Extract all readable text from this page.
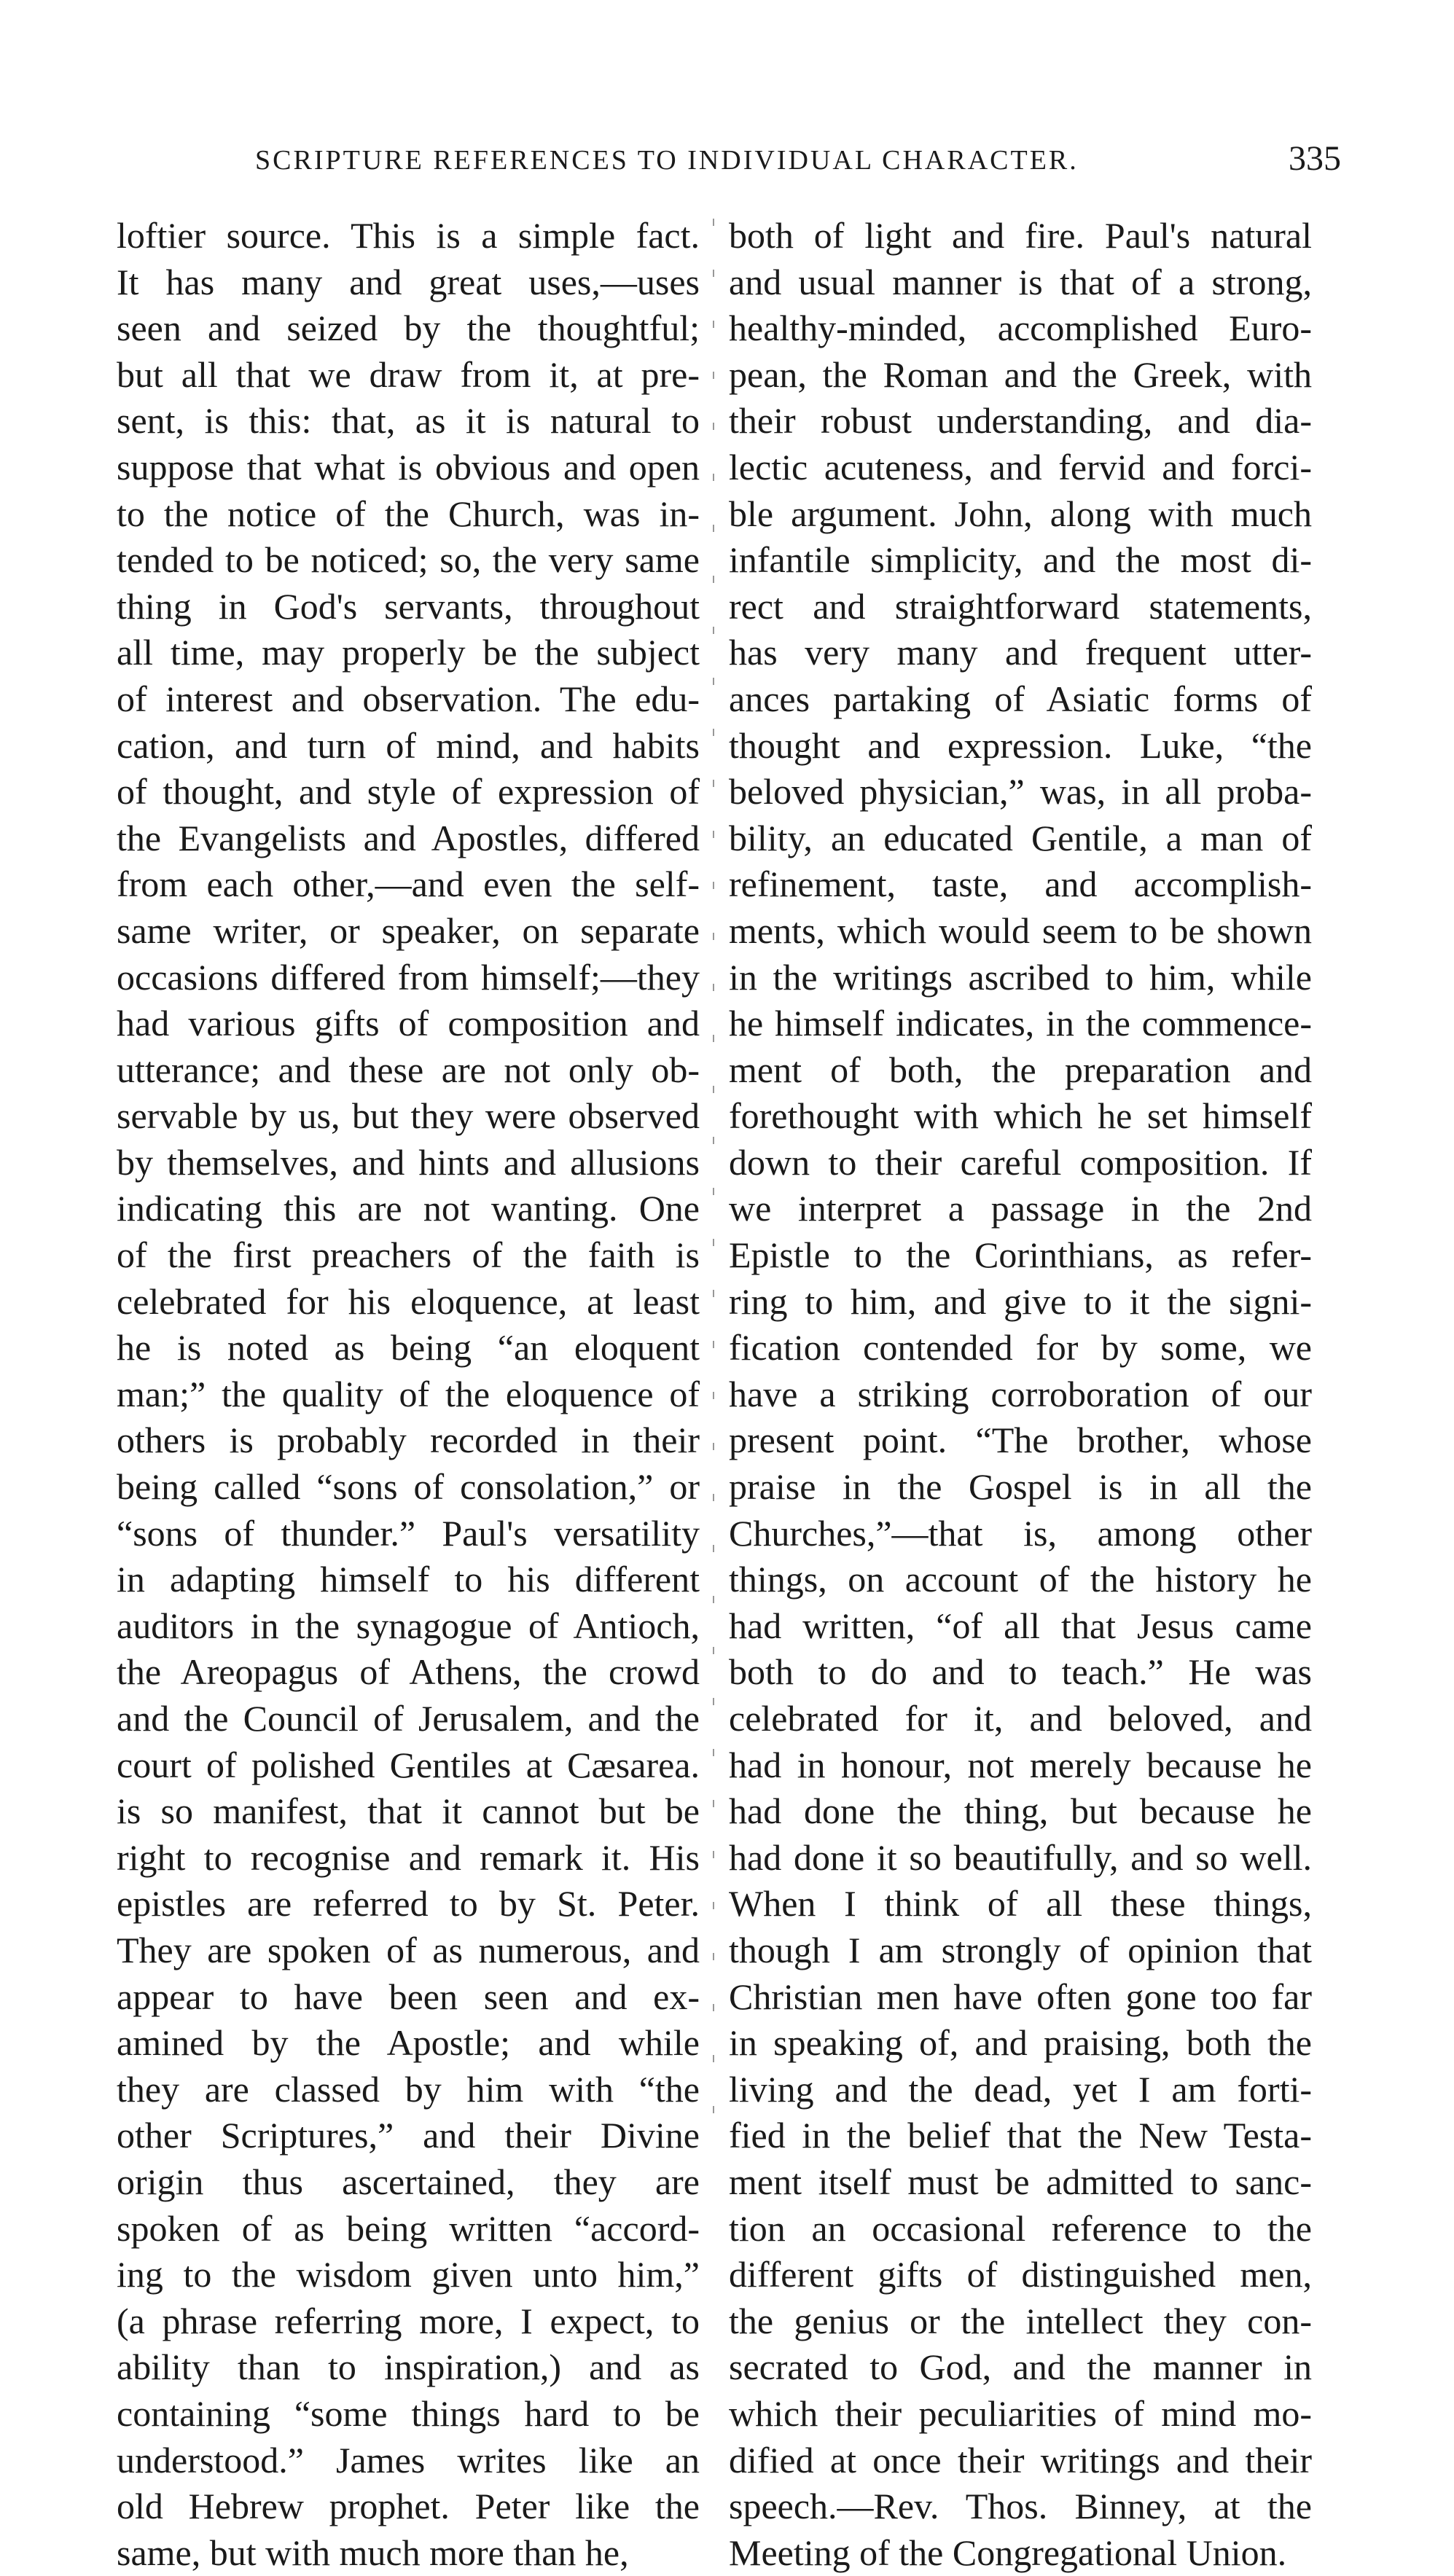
SCRIPTURE REFERENCES TO INDIVIDUAL CHARACTER.	335
loftier source. This is a simple fact.
It has many and great uses,—uses
seen and seized by the thoughtful;
but all that we draw from it, at pre-
sent, is this: that, as it is natural to
suppose that what is obvious and open
to the notice of the Church, was in-
tended to be noticed; so, the very same
thing in God's servants, throughout
all time, may properly be the subject
of interest and observation. The edu-
cation, and turn of mind, and habits
of thought, and style of expression of
the Evangelists and Apostles, differed
from each other,—and even the self-
same writer, or speaker, on separate
occasions differed from himself;—they
had various gifts of composition and
utterance; and these are not only ob-
servable by us, but they were observed
by themselves, and hints and allusions
indicating this are not wanting. One
of the first preachers of the faith is
celebrated for his eloquence, at least
he is noted as being “an eloquent
man;” the quality of the eloquence of
others is probably recorded in their
being called “sons of consolation,” or
“sons of thunder.” Paul's versatility
in adapting himself to his different
auditors in the synagogue of Antioch,
the Areopagus of Athens, the crowd
and the Council of Jerusalem, and the
court of polished Gentiles at Cæsarea.
is so manifest, that it cannot but be
right to recognise and remark it. His
epistles are referred to by St. Peter.
They are spoken of as numerous, and
appear to have been seen and ex-
amined by the Apostle; and while
they are classed by him with “the
other Scriptures,” and their Divine
origin thus ascertained, they are
spoken of as being written “accord-
ing to the wisdom given unto him,”
(a phrase referring more, I expect, to
ability than to inspiration,) and as
containing “some things hard to be
understood.” James writes like an
old Hebrew prophet. Peter like the
same, but with much more than he,
both of light and fire. Paul's natural
and usual manner is that of a strong,
healthy-minded, accomplished Euro-
pean, the Roman and the Greek, with
their robust understanding, and dia-
lectic acuteness, and fervid and forci-
ble argument. John, along with much
infantile simplicity, and the most di-
rect and straightforward statements,
has very many and frequent utter-
ances partaking of Asiatic forms of
thought and expression. Luke, “the
beloved physician,” was, in all proba-
bility, an educated Gentile, a man of
refinement, taste, and accomplish-
ments, which would seem to be shown
in the writings ascribed to him, while
he himself indicates, in the commence-
ment of both, the preparation and
forethought with which he set himself
down to their careful composition. If
we interpret a passage in the 2nd
Epistle to the Corinthians, as refer-
ring to him, and give to it the signi-
fication contended for by some, we
have a striking corroboration of our
present point. “The brother, whose
praise in the Gospel is in all the
Churches,”—that is, among other
things, on account of the history he
had written, “of all that Jesus came
both to do and to teach.” He was
celebrated for it, and beloved, and
had in honour, not merely because he
had done the thing, but because he
had done it so beautifully, and so well.
When I think of all these things,
though I am strongly of opinion that
Christian men have often gone too far
in speaking of, and praising, both the
living and the dead, yet I am forti-
fied in the belief that the New Testa-
ment itself must be admitted to sanc-
tion an occasional reference to the
different gifts of distinguished men,
the genius or the intellect they con-
secrated to God, and the manner in
which their peculiarities of mind mo-
dified at once their writings and their
speech.—Rev. Thos. Binney, at the
Meeting of the Congregational Union.
